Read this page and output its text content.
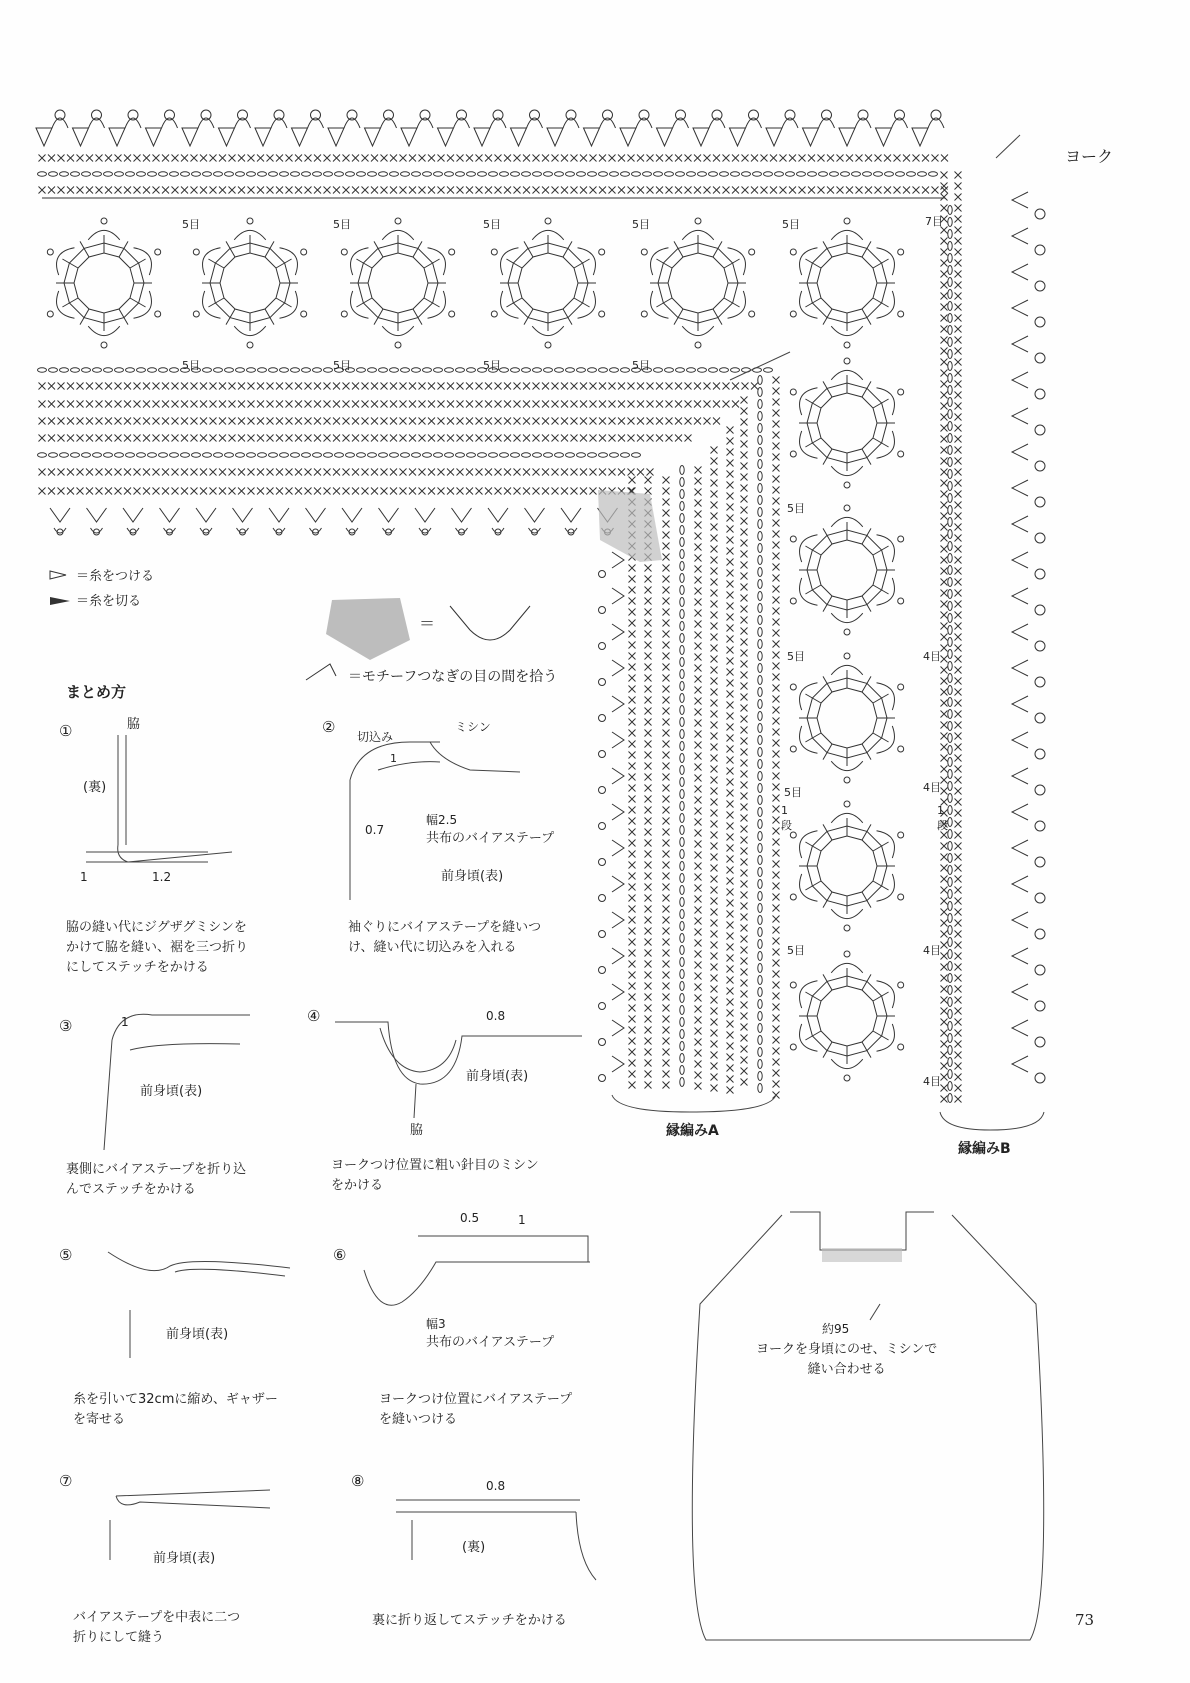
ヨーク
5目	5目	5目	5目	5目	7目
5目	5目	5目	5目
5目
5目
5目
5目
4目
4目
4目
4目
1
段
1
段
縁編みA
縁編みB
＝糸をつける
＝糸を切る
＝
＝モチーフつなぎの目の間を拾う
まとめ方
①	②
③
④
⑤	⑥
⑦	⑧
脇
(裏)
1	1.2
脇の縫い代にジグザグミシンを
かけて脇を縫い、裾を三つ折り
にしてステッチをかける
切込み
ミシン
1
0.7
幅2.5
共布のバイアステープ
前身頃(表)
袖ぐりにバイアステープを縫いつ
け、縫い代に切込みを入れる
1
前身頃(表)
裏側にバイアステープを折り込
んでステッチをかける
0.8
前身頃(表)
脇
ヨークつけ位置に粗い針目のミシン
をかける
前身頃(表)
糸を引いて32cmに縮め、ギャザー
を寄せる
0.5	1
幅3
共布のバイアステープ
ヨークつけ位置にバイアステープ
を縫いつける
前身頃(表)
バイアステープを中表に二つ
折りにして縫う
0.8
(裏)
裏に折り返してステッチをかける
約95
ヨークを身頃にのせ、ミシンで
縫い合わせる
73
